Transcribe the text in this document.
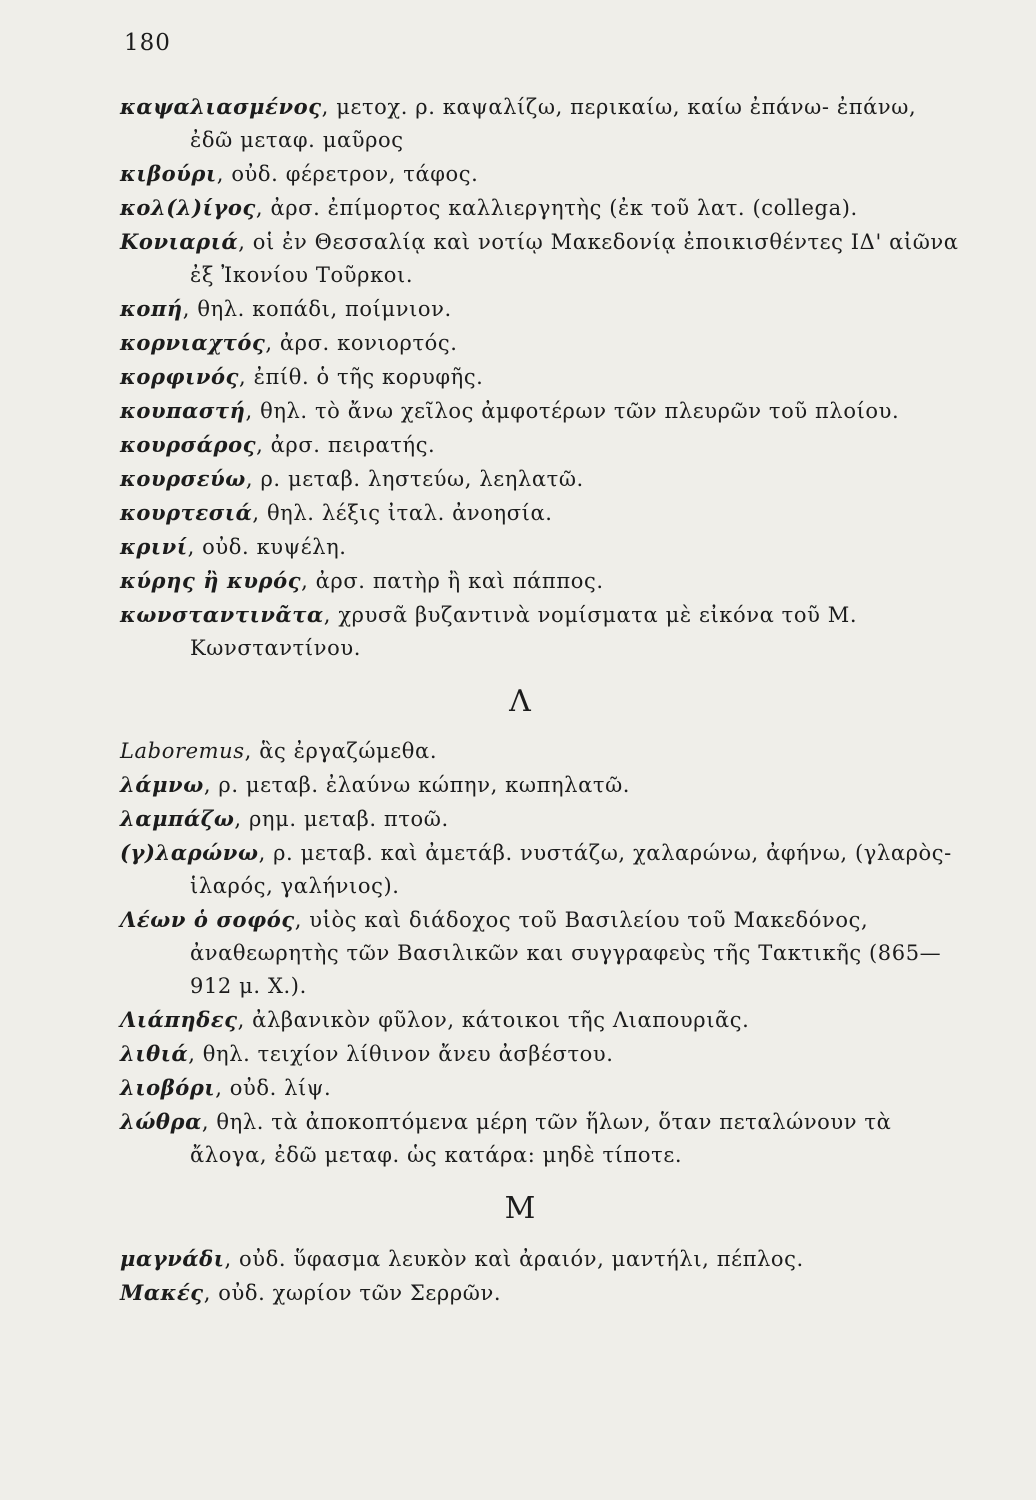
180

καψαλιασμένος, μετοχ. ρ. καψαλίζω, περικαίω, καίω ἐπάνω- ἐπάνω, ἐδῶ μεταφ. μαῦρος

κιβούρι, οὐδ. φέρετρον, τάφος.

κολ(λ)ίγος, ἀρσ. ἐπίμορτος καλλιεργητὴς (ἐκ τοῦ λατ. (collega).

Κονιαριά, οἱ ἐν Θεσσαλίᾳ καὶ νοτίῳ Μακεδονίᾳ ἐποικισθέντες ΙΔ' αἰῶνα ἐξ Ἰκονίου Τοῦρκοι.

κοπή, θηλ. κοπάδι, ποίμνιον.

κορνιαχτός, ἀρσ. κονιορτός.

κορφινός, ἐπίθ. ὁ τῆς κορυφῆς.

κουπαστή, θηλ. τὸ ἄνω χεῖλος ἀμφοτέρων τῶν πλευρῶν τοῦ πλοίου.

κουρσάρος, ἀρσ. πειρατής.

κουρσεύω, ρ. μεταβ. ληστεύω, λεηλατῶ.

κουρτεσιά, θηλ. λέξις ἰταλ. ἀνοησία.

κρινί, οὐδ. κυψέλη.

κύρης ἢ κυρός, ἀρσ. πατὴρ ἢ καὶ πάππος.

κωνσταντινᾶτα, χρυσᾶ βυζαντινὰ νομίσματα μὲ εἰκόνα τοῦ Μ. Κωνσταντίνου.

Λ

Laboremus, ἃς ἐργαζώμεθα.

λάμνω, ρ. μεταβ. ἐλαύνω κώπην, κωπηλατῶ.

λαμπάζω, ρημ. μεταβ. πτοῶ.

(γ)λαρώνω, ρ. μεταβ. καὶ ἀμετάβ. νυστάζω, χαλαρώνω, ἀφήνω, (γλαρὸς-ἱλαρός, γαλήνιος).

Λέων ὁ σοφός, υἱὸς καὶ διάδοχος τοῦ Βασιλείου τοῦ Μακεδόνος, ἀναθεωρητὴς τῶν Βασιλικῶν και συγγραφεὺς τῆς Τακτικῆς (865—912 μ. Χ.).

Λιάπηδες, ἀλβανικὸν φῦλον, κάτοικοι τῆς Λιαπουριᾶς.

λιθιά, θηλ. τειχίον λίθινον ἄνευ ἀσβέστου.

λιοβόρι, οὐδ. λίψ.

λώθρα, θηλ. τὰ ἀποκοπτόμενα μέρη τῶν ἥλων, ὅταν πεταλώνουν τὰ ἄλογα, ἐδῶ μεταφ. ὡς κατάρα: μηδὲ τίποτε.

Μ

μαγνάδι, οὐδ. ὕφασμα λευκὸν καὶ ἀραιόν, μαντήλι, πέπλος.

Μακές, οὐδ. χωρίον τῶν Σερρῶν.
